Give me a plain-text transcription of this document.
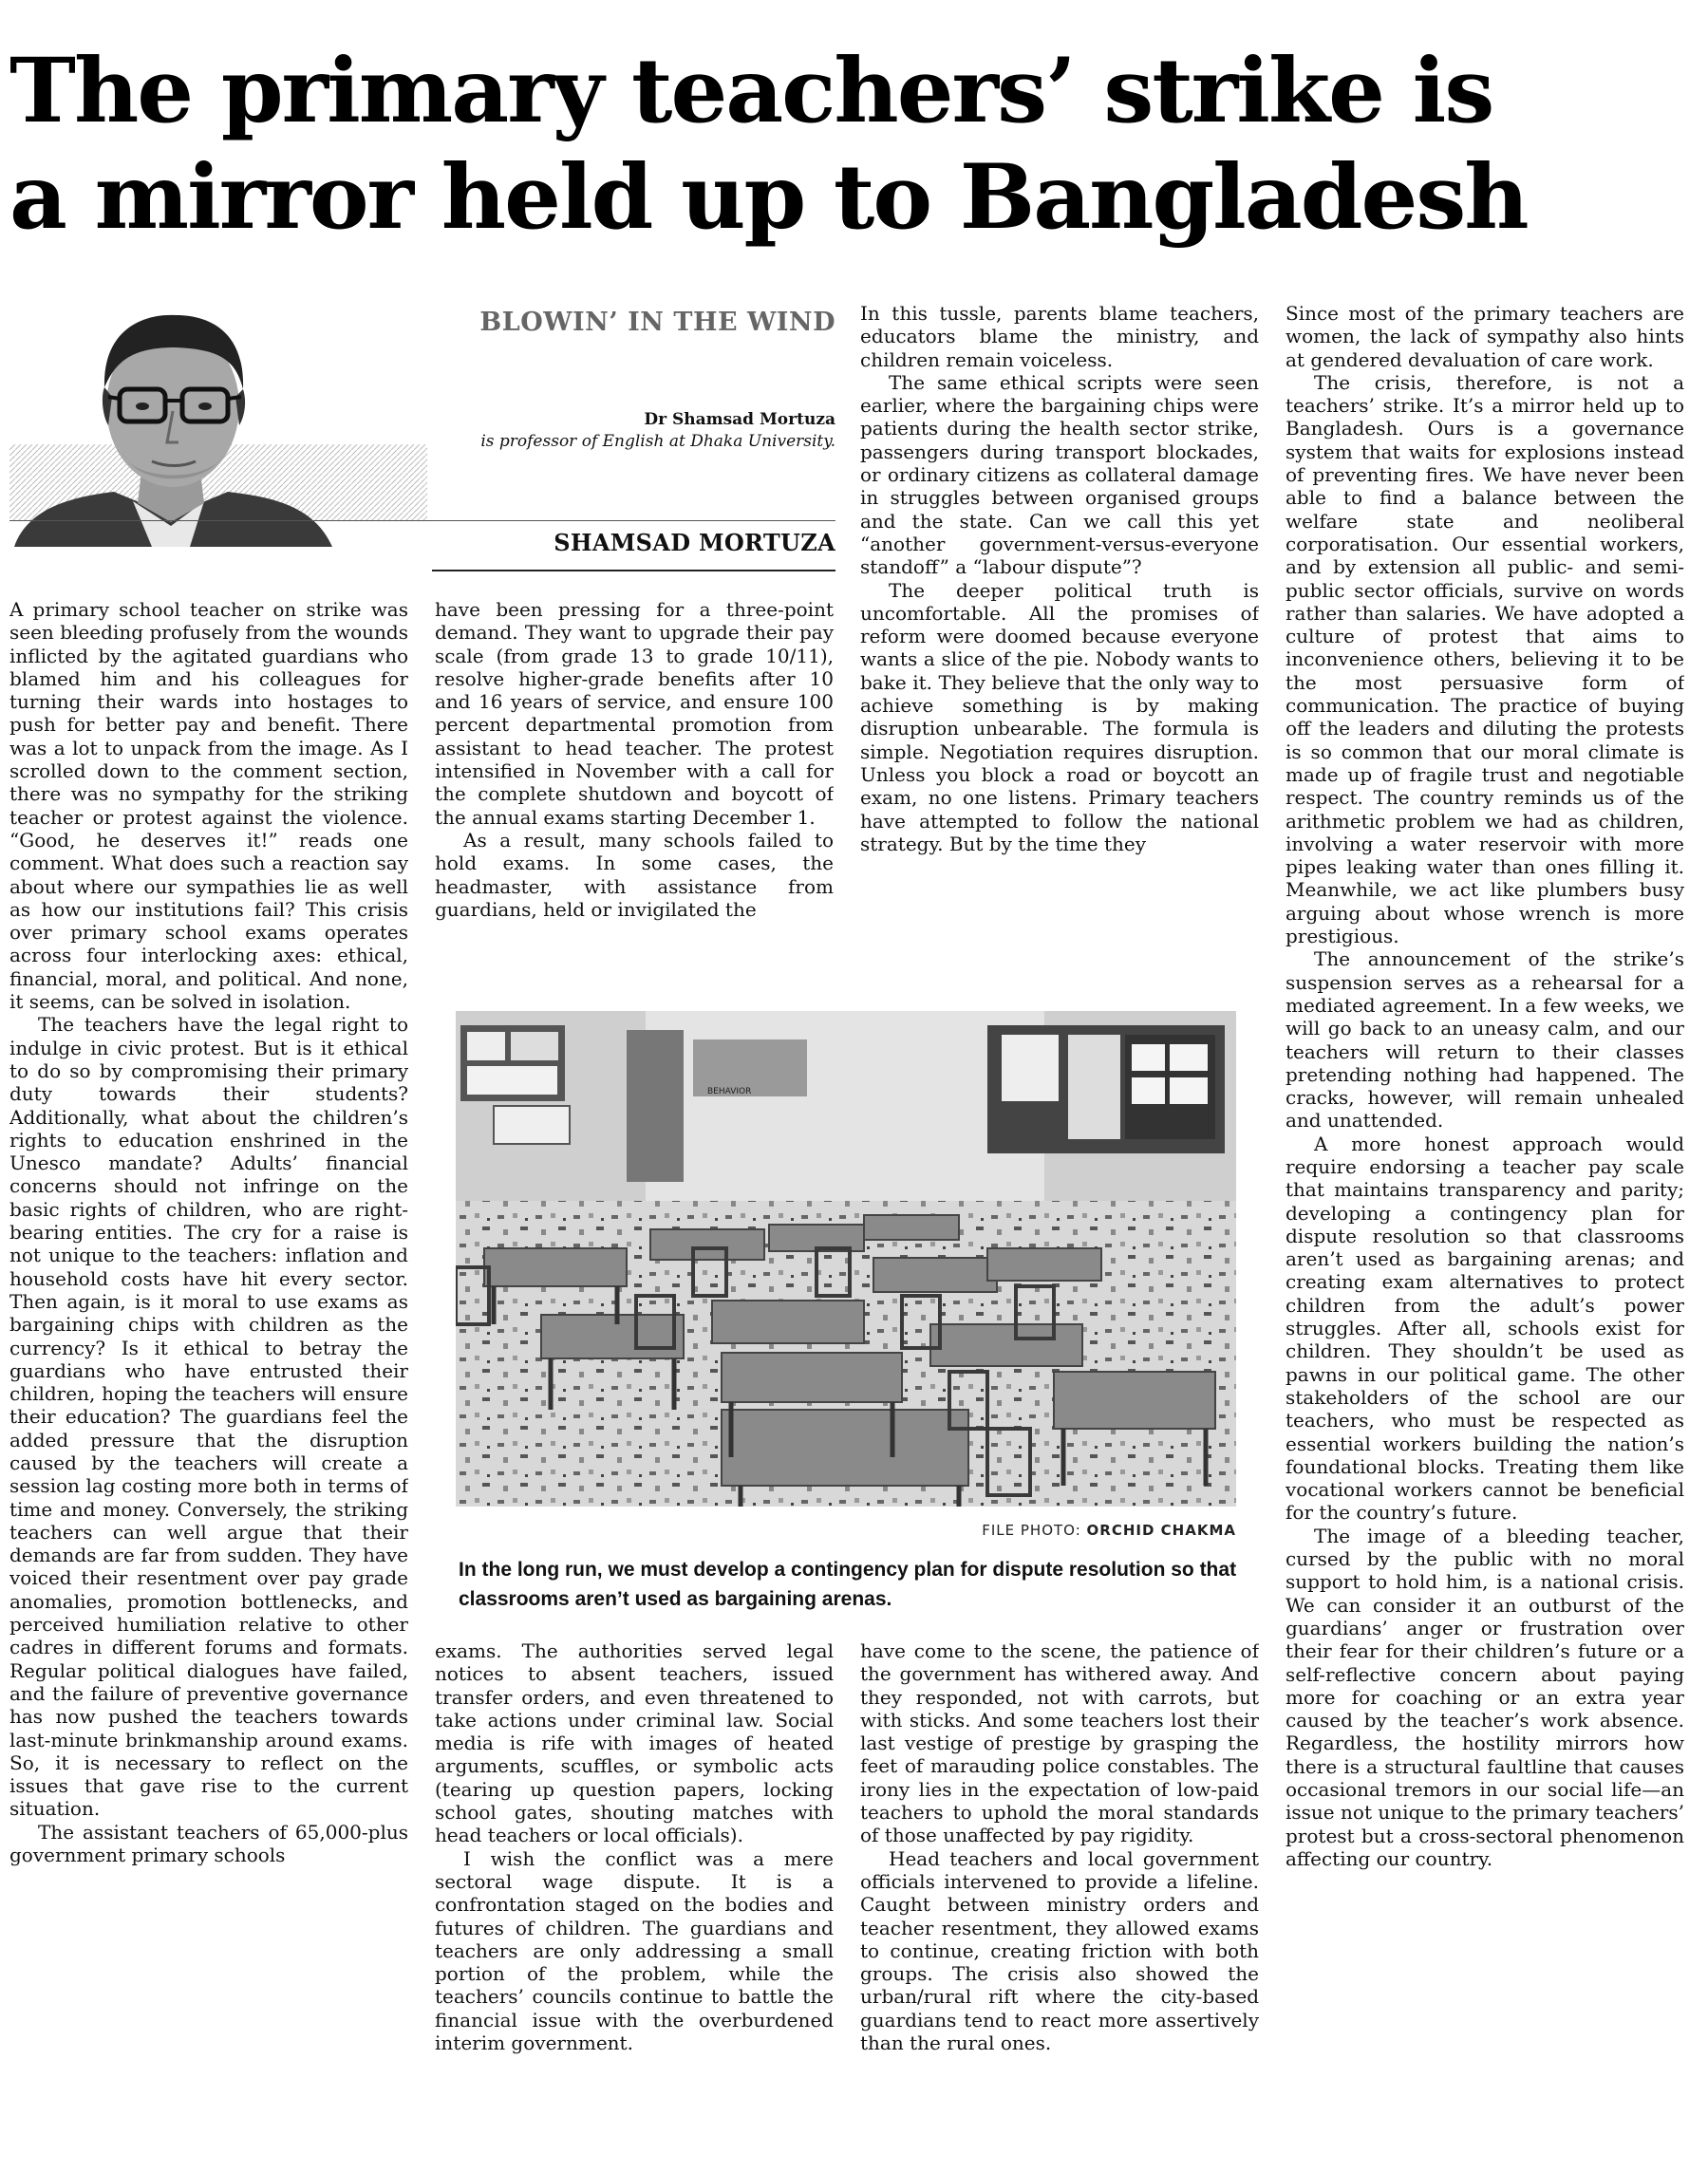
The primary teachers’ strike is
a mirror held up to Bangladesh
BLOWIN’ IN THE WIND
Dr Shamsad Mortuza
is professor of English at Dhaka University.
SHAMSAD MORTUZA

A primary school teacher on strike was seen bleeding profusely from the wounds inflicted by the agitated guardians who blamed him and his colleagues for turning their wards into hostages to push for better pay and benefit. There was a lot to unpack from the image. As I scrolled down to the comment section, there was no sympathy for the striking teacher or protest against the violence. “Good, he deserves it!” reads one comment. What does such a reaction say about where our sympathies lie as well as how our institutions fail? This crisis over primary school exams operates across four interlocking axes: ethical, financial, moral, and political. And none, it seems, can be solved in isolation.

The teachers have the legal right to indulge in civic protest. But is it ethical to do so by compromising their primary duty towards their students? Additionally, what about the children’s rights to education enshrined in the Unesco mandate? Adults’ financial concerns should not infringe on the basic rights of children, who are right-bearing entities. The cry for a raise is not unique to the teachers: inflation and household costs have hit every sector. Then again, is it moral to use exams as bargaining chips with children as the currency? Is it ethical to betray the guardians who have entrusted their children, hoping the teachers will ensure their education? The guardians feel the added pressure that the disruption caused by the teachers will create a session lag costing more both in terms of time and money. Conversely, the striking teachers can well argue that their demands are far from sudden. They have voiced their resentment over pay grade anomalies, promotion bottlenecks, and perceived humiliation relative to other cadres in different forums and formats. Regular political dialogues have failed, and the failure of preventive governance has now pushed the teachers towards last-minute brinkmanship around exams. So, it is necessary to reflect on the issues that gave rise to the current situation.

The assistant teachers of 65,000-plus government primary schools

have been pressing for a three-point demand. They want to upgrade their pay scale (from grade 13 to grade 10/11), resolve higher-grade benefits after 10 and 16 years of service, and ensure 100 percent departmental promotion from assistant to head teacher. The protest intensified in November with a call for the complete shutdown and boycott of the annual exams starting December 1.

As a result, many schools failed to hold exams. In some cases, the headmaster, with assistance from guardians, held or invigilated the

exams. The authorities served legal notices to absent teachers, issued transfer orders, and even threatened to take actions under criminal law. Social media is rife with images of heated arguments, scuffles, or symbolic acts (tearing up question papers, locking school gates, shouting matches with head teachers or local officials).

I wish the conflict was a mere sectoral wage dispute. It is a confrontation staged on the bodies and futures of children. The guardians and teachers are only addressing a small portion of the problem, while the teachers’ councils continue to battle the financial issue with the overburdened interim government.

In this tussle, parents blame teachers, educators blame the ministry, and children remain voiceless.

The same ethical scripts were seen earlier, where the bargaining chips were patients during the health sector strike, passengers during transport blockades, or ordinary citizens as collateral damage in struggles between organised groups and the state. Can we call this yet “another government-versus-everyone standoff” a “labour dispute”?

The deeper political truth is uncomfortable. All the promises of reform were doomed because everyone wants a slice of the pie. Nobody wants to bake it. They believe that the only way to achieve something is by making disruption unbearable. The formula is simple. Negotiation requires disruption. Unless you block a road or boycott an exam, no one listens. Primary teachers have attempted to follow the national strategy. But by the time they

have come to the scene, the patience of the government has withered away. And they responded, not with carrots, but with sticks. And some teachers lost their last vestige of prestige by grasping the feet of marauding police constables. The irony lies in the expectation of low-paid teachers to uphold the moral standards of those unaffected by pay rigidity.

Head teachers and local government officials intervened to provide a lifeline. Caught between ministry orders and teacher resentment, they allowed exams to continue, creating friction with both groups. The crisis also showed the urban/rural rift where the city-based guardians tend to react more assertively than the rural ones.

Since most of the primary teachers are women, the lack of sympathy also hints at gendered devaluation of care work.

The crisis, therefore, is not a teachers’ strike. It’s a mirror held up to Bangladesh. Ours is a governance system that waits for explosions instead of preventing fires. We have never been able to find a balance between the welfare state and neoliberal corporatisation. Our essential workers, and by extension all public- and semi-public sector officials, survive on words rather than salaries. We have adopted a culture of protest that aims to inconvenience others, believing it to be the most persuasive form of communication. The practice of buying off the leaders and diluting the protests is so common that our moral climate is made up of fragile trust and negotiable respect. The country reminds us of the arithmetic problem we had as children, involving a water reservoir with more pipes leaking water than ones filling it. Meanwhile, we act like plumbers busy arguing about whose wrench is more prestigious.

The announcement of the strike’s suspension serves as a rehearsal for a mediated agreement. In a few weeks, we will go back to an uneasy calm, and our teachers will return to their classes pretending nothing had happened. The cracks, however, will remain unhealed and unattended.

A more honest approach would require endorsing a teacher pay scale that maintains transparency and parity; developing a contingency plan for dispute resolution so that classrooms aren’t used as bargaining arenas; and creating exam alternatives to protect children from the adult’s power struggles. After all, schools exist for children. They shouldn’t be used as pawns in our political game. The other stakeholders of the school are our teachers, who must be respected as essential workers building the nation’s foundational blocks. Treating them like vocational workers cannot be beneficial for the country’s future.

The image of a bleeding teacher, cursed by the public with no moral support to hold him, is a national crisis. We can consider it an outburst of the guardians’ anger or frustration over their fear for their children’s future or a self-reflective concern about paying more for coaching or an extra year caused by the teacher’s work absence. Regardless, the hostility mirrors how there is a structural faultline that causes occasional tremors in our social life—an issue not unique to the primary teachers’ protest but a cross-sectoral phenomenon affecting our country.

BEHAVIOR
FILE PHOTO: ORCHID CHAKMA
In the long run, we must develop a contingency plan for dispute resolution so that classrooms aren’t used as bargaining arenas.
